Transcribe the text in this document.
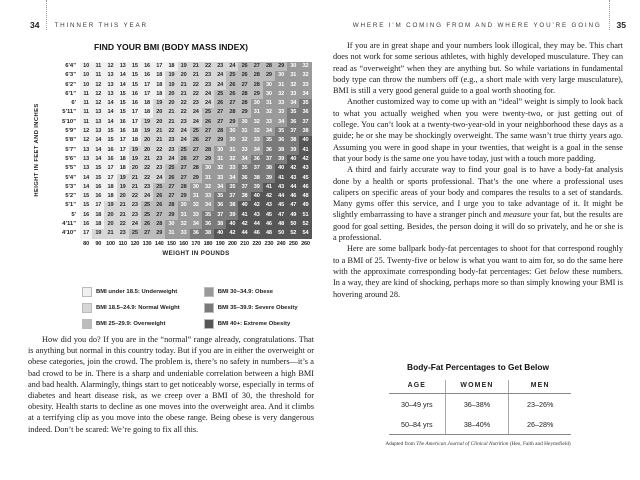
34 THINNER THIS YEAR	WHERE I’M COMING FROM AND WHERE YOU’RE GOING 35
FIND YOUR BMI (BODY MASS INDEX)
HEIGHT IN FEET AND INCHES
6'4"	10	11	12	13	15	16	17	18	19	21	22	23	24	26	27	28	29	30	32
6'3"	10	11	13	14	15	16	18	19	20	21	23	24	25	26	28	29	30	31	32
6'2"	10	12	13	14	15	17	18	19	21	22	23	24	26	27	28	30	31	32	33
6'1"	11	12	13	15	16	17	18	20	21	22	24	25	26	28	29	30	32	33	34
6'	11	12	14	15	16	18	19	20	22	23	24	26	27	28	30	31	33	34	35
5'11"	11	13	14	15	17	18	20	21	22	24	25	27	28	29	31	32	33	35	36
5'10"	11	13	14	16	17	19	20	21	23	24	26	27	29	30	32	33	34	36	37
5'9"	12	13	15	16	18	19	21	22	24	25	27	28	30	31	32	34	35	37	38
5'8"	12	14	15	17	18	20	21	23	24	26	27	29	30	32	33	35	36	38	40
5'7"	13	14	16	17	19	20	22	23	25	27	28	30	31	33	34	36	38	39	41
5'6"	13	14	16	18	19	21	23	24	26	27	29	31	32	34	36	37	39	40	42
5'5"	13	15	17	18	20	22	23	25	27	28	30	32	33	35	37	38	40	42	43
5'4"	14	15	17	19	21	22	24	26	27	29	31	33	34	36	38	39	41	43	45
5'3"	14	16	18	19	21	23	25	27	28	30	32	34	35	37	39	41	43	44	46
5'2"	15	16	18	20	22	24	26	27	29	31	33	35	37	38	40	42	44	46	48
5'1"	15	17	19	21	23	25	26	28	30	32	34	36	38	40	42	43	45	47	49
5'	16	18	20	21	23	25	27	29	31	33	35	37	39	41	43	45	47	49	51
4'11"	16	18	20	22	24	26	28	30	32	34	36	38	40	42	44	46	48	50	52
4'10"	17	19	21	23	25	27	29	31	33	36	38	40	42	44	46	48	50	52	54
80	90 100 110 120 130 140 150 160 170 180 190 200 210 220 230 240 250 260
WEIGHT IN POUNDS
BMI under 18.5: Underweight
BMI 18.5–24.9: Normal Weight
BMI 25–29.9: Overweight
BMI 30–34.9: Obese
BMI 35–39.9: Severe Obesity
BMI 40+: Extreme Obesity

How did you do? If you are in the “normal” range already, congratulations. That is anything but normal in this country today. But if you are in either the overweight or obese categories, join the crowd. The problem is, there’s no safety in numbers—it’s a bad crowd to be in. There is a sharp and undeniable correlation between a high BMI and bad health. Alarmingly, things start to get noticeably worse, especially in terms of diabetes and heart disease risk, as we creep over a BMI of 30, the threshold for obesity. Health starts to decline as one moves into the overweight area. And it climbs at a terrifying clip as you move into the obese range. Being obese is very dangerous indeed. Don’t be scared: We’re going to fix all this.

If you are in great shape and your numbers look illogical, they may be. This chart does not work for some serious athletes, with highly developed musculature. They can read as “overweight” when they are anything but. So while variations in fundamental body type can throw the numbers off (e.g., a short male with very large musculature), BMI is still a very good general guide to a goal worth shooting for.

Another customized way to come up with an “ideal” weight is simply to look back to what you actually weighed when you were twenty-two, or just getting out of college. You can’t look at a twenty-two-year-old in your neighborhood these days as a guide; he or she may be shockingly overweight. The same wasn’t true thirty years ago. Assuming you were in good shape in your twenties, that weight is a goal in the sense that your body is the same one you have today, just with a touch more padding.

A third and fairly accurate way to find your goal is to have a body-fat analysis done by a health or sports professional. That’s the one where a professional uses calipers on specific areas of your body and compares the results to a set of standards. Many gyms offer this service, and I urge you to take advantage of it. It might be slightly embarrassing to have a stranger pinch and measure your fat, but the results are good for goal setting. Besides, the person doing it will do so privately, and he or she is a professional.

Here are some ballpark body-fat percentages to shoot for that correspond roughly to a BMI of 25. Twenty-five or below is what you want to aim for, so do the same here with the approximate corresponding body-fat percentages: Get below these numbers. In a way, they are kind of shocking, perhaps more so than simply knowing your BMI is hovering around 28.

Body-Fat Percentages to Get Below
AGE	WOMEN	MEN
30–49 yrs	36–38%	23–26%
50–84 yrs	38–40%	26–28%
Adapted from The American Journal of Clinical Nutrition (Heo, Faith and Heymsfield)
